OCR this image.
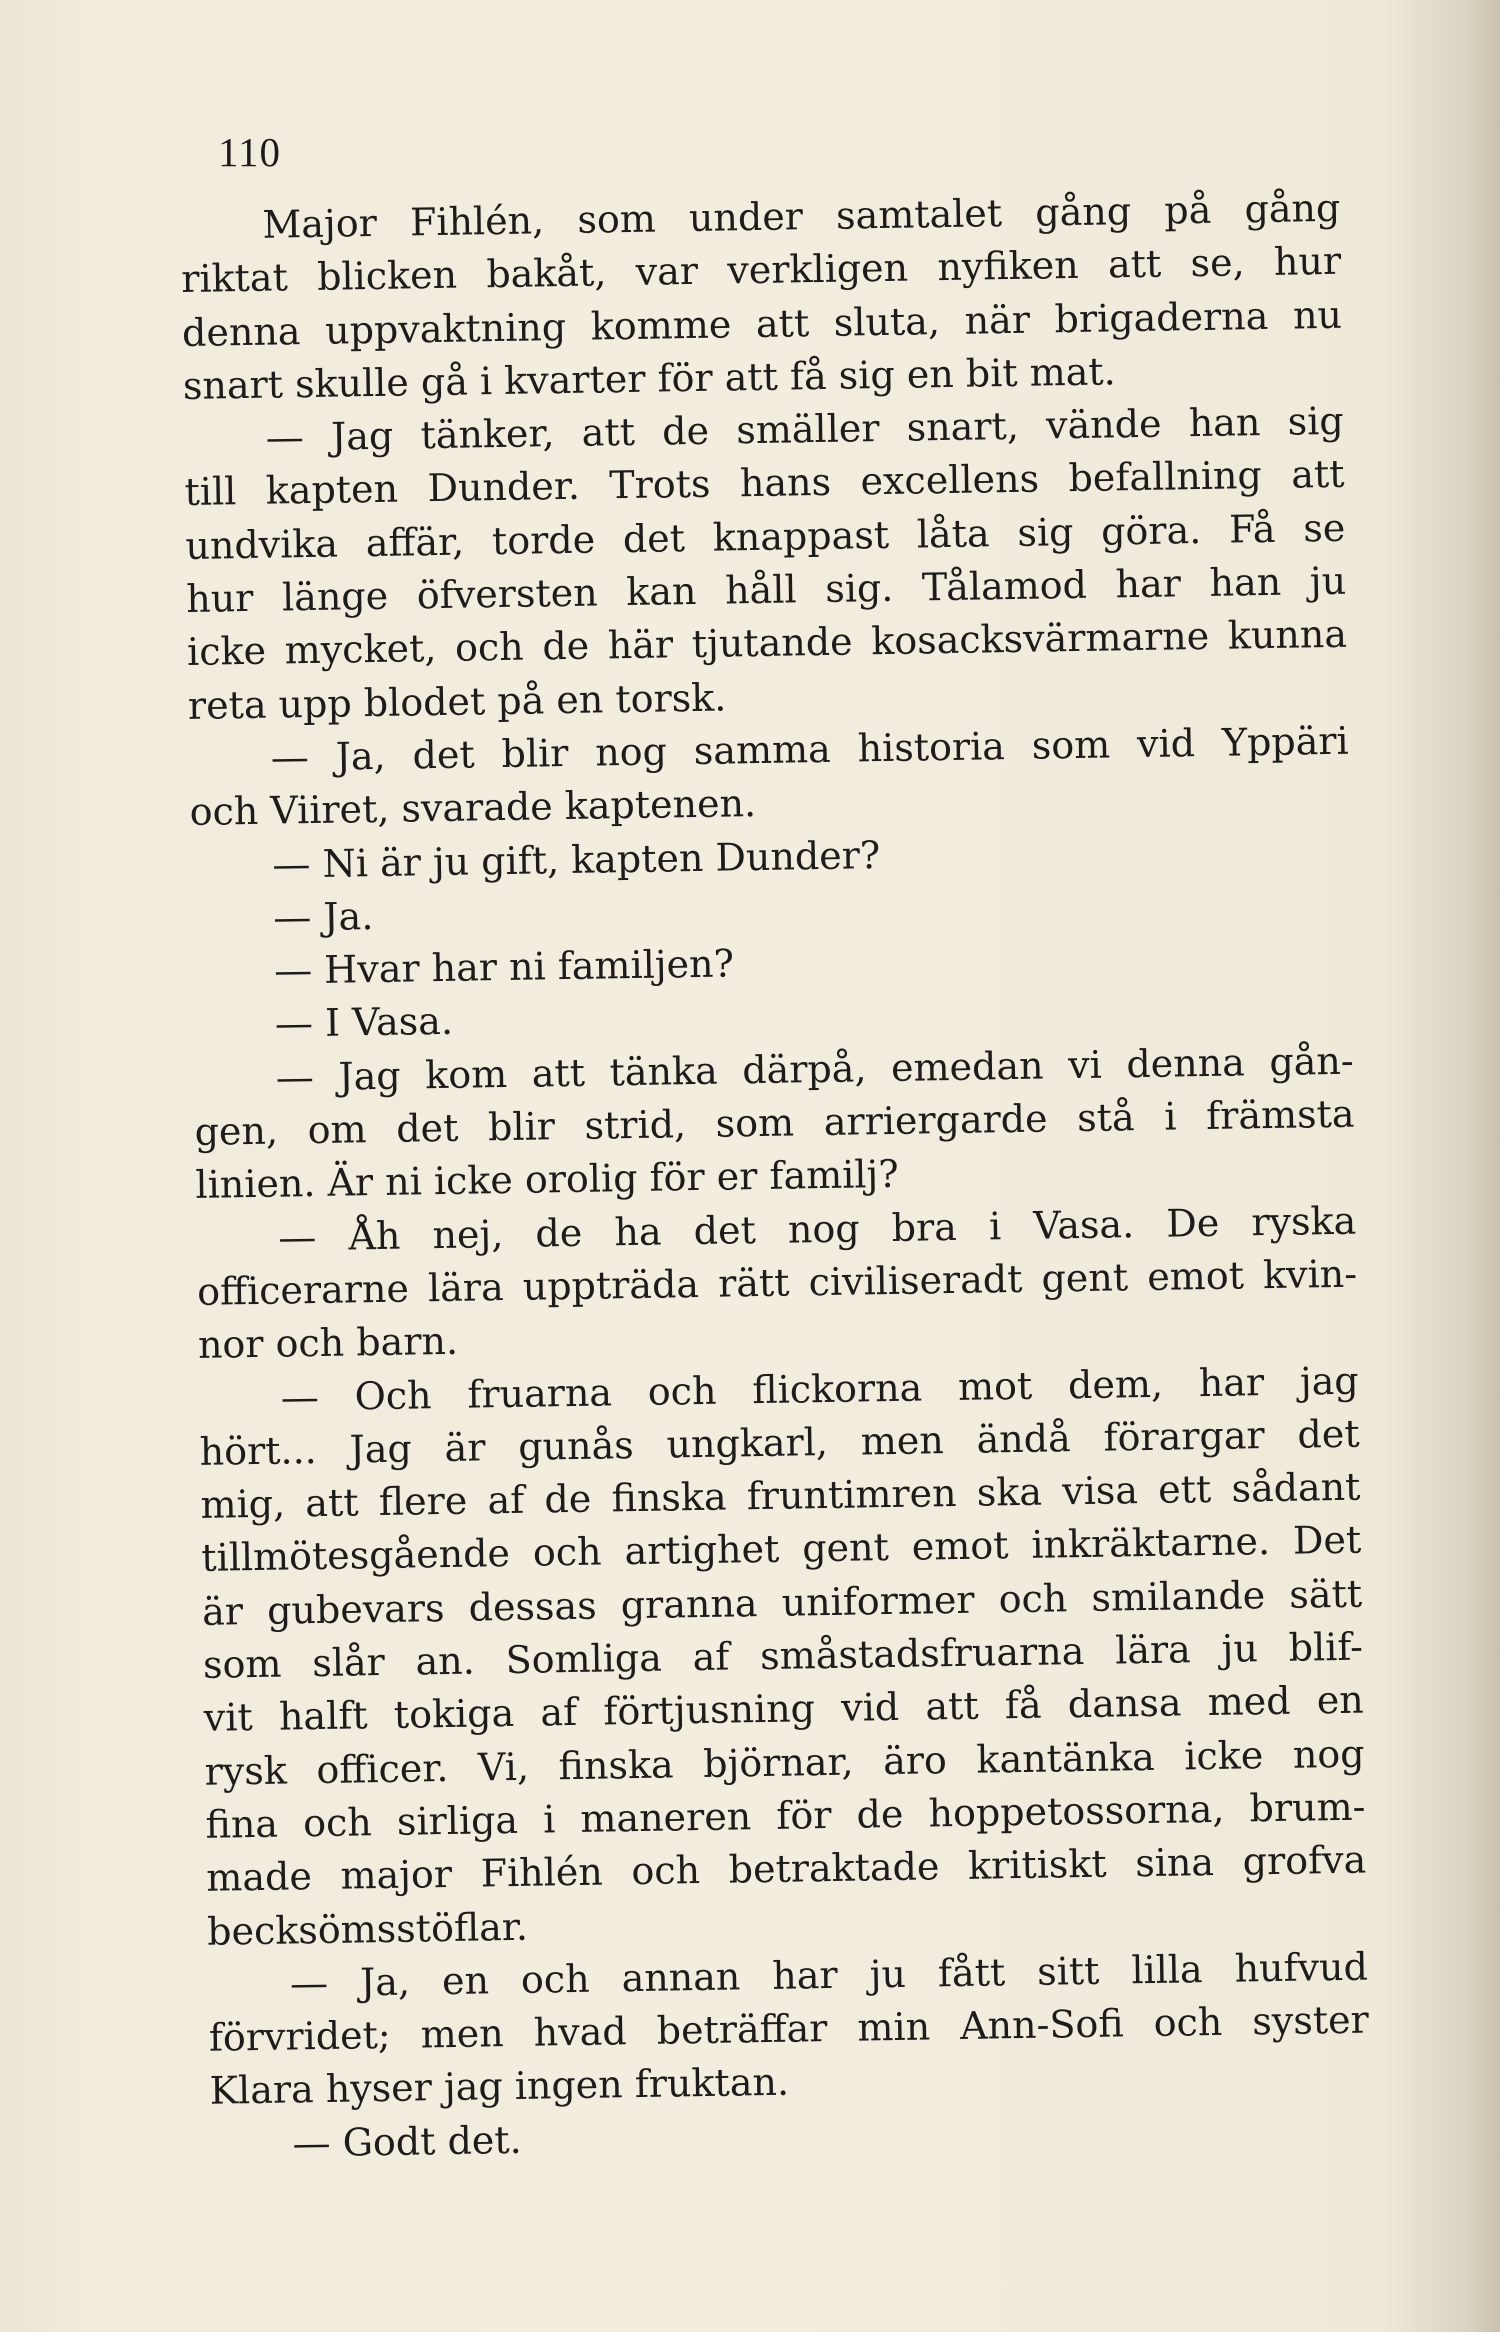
110
Major Fihlén, som under samtalet gång på gång
riktat blicken bakåt, var verkligen nyfiken att se, hur
denna uppvaktning komme att sluta, när brigaderna nu
snart skulle gå i kvarter för att få sig en bit mat.
— Jag tänker, att de smäller snart, vände han sig
till kapten Dunder. Trots hans excellens befallning att
undvika affär, torde det knappast låta sig göra. Få se
hur länge öfversten kan håll sig. Tålamod har han ju
icke mycket, och de här tjutande kosacksvärmarne kunna
reta upp blodet på en torsk.
— Ja, det blir nog samma historia som vid Yppäri
och Viiret, svarade kaptenen.
— Ni är ju gift, kapten Dunder?
— Ja.
— Hvar har ni familjen?
— I Vasa.
— Jag kom att tänka därpå, emedan vi denna gån-
gen, om det blir strid, som arriergarde stå i främsta
linien. Är ni icke orolig för er familj?
— Åh nej, de ha det nog bra i Vasa. De ryska
officerarne lära uppträda rätt civiliseradt gent emot kvin-
nor och barn.
— Och fruarna och flickorna mot dem, har jag
hört... Jag är gunås ungkarl, men ändå förargar det
mig, att flere af de finska fruntimren ska visa ett sådant
tillmötesgående och artighet gent emot inkräktarne. Det
är gubevars dessas granna uniformer och smilande sätt
som slår an. Somliga af småstadsfruarna lära ju blif-
vit halft tokiga af förtjusning vid att få dansa med en
rysk officer. Vi, finska björnar, äro kantänka icke nog
fina och sirliga i maneren för de hoppetossorna, brum-
made major Fihlén och betraktade kritiskt sina grofva
becksömsstöflar.
— Ja, en och annan har ju fått sitt lilla hufvud
förvridet; men hvad beträffar min Ann-Sofi och syster
Klara hyser jag ingen fruktan.
— Godt det.
